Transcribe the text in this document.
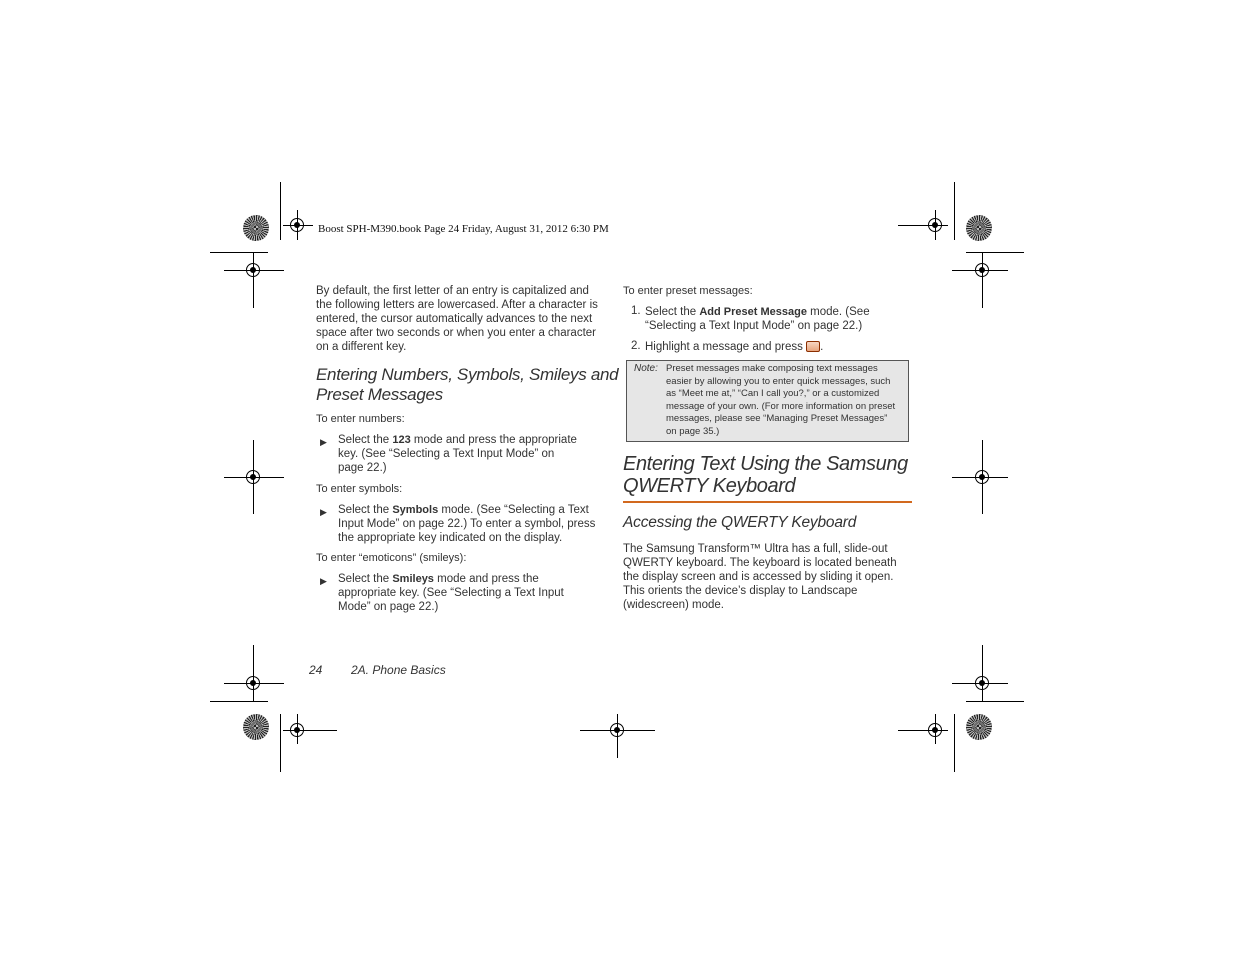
Boost SPH-M390.book Page 24 Friday, August 31, 2012 6:30 PM
By default, the first letter of an entry is capitalized and the following letters are lowercased. After a character is entered, the cursor automatically advances to the next space after two seconds or when you enter a character on a different key.
Entering Numbers, Symbols, Smileys and
Preset Messages
To enter numbers:
▶ Select the 123 mode and press the appropriate
key. (See “Selecting a Text Input Mode” on
page 22.)
To enter symbols:
▶ Select the Symbols mode. (See “Selecting a Text
Input Mode” on page 22.) To enter a symbol, press
the appropriate key indicated on the display.
To enter “emoticons” (smileys):
▶ Select the Smileys mode and press the
appropriate key. (See “Selecting a Text Input
Mode” on page 22.)
To enter preset messages:
1. Select the Add Preset Message mode. (See
“Selecting a Text Input Mode” on page 22.)
2. Highlight a message and press .
Note: Preset messages make composing text messages
easier by allowing you to enter quick messages, such
as “Meet me at,” “Can I call you?,” or a customized
message of your own. (For more information on preset
messages, please see “Managing Preset Messages”
on page 35.)
Entering Text Using the Samsung
QWERTY Keyboard
Accessing the QWERTY Keyboard
The Samsung Transform™ Ultra has a full, slide-out
QWERTY keyboard. The keyboard is located beneath
the display screen and is accessed by sliding it open.
This orients the device’s display to Landscape
(widescreen) mode.
24 2A. Phone Basics
